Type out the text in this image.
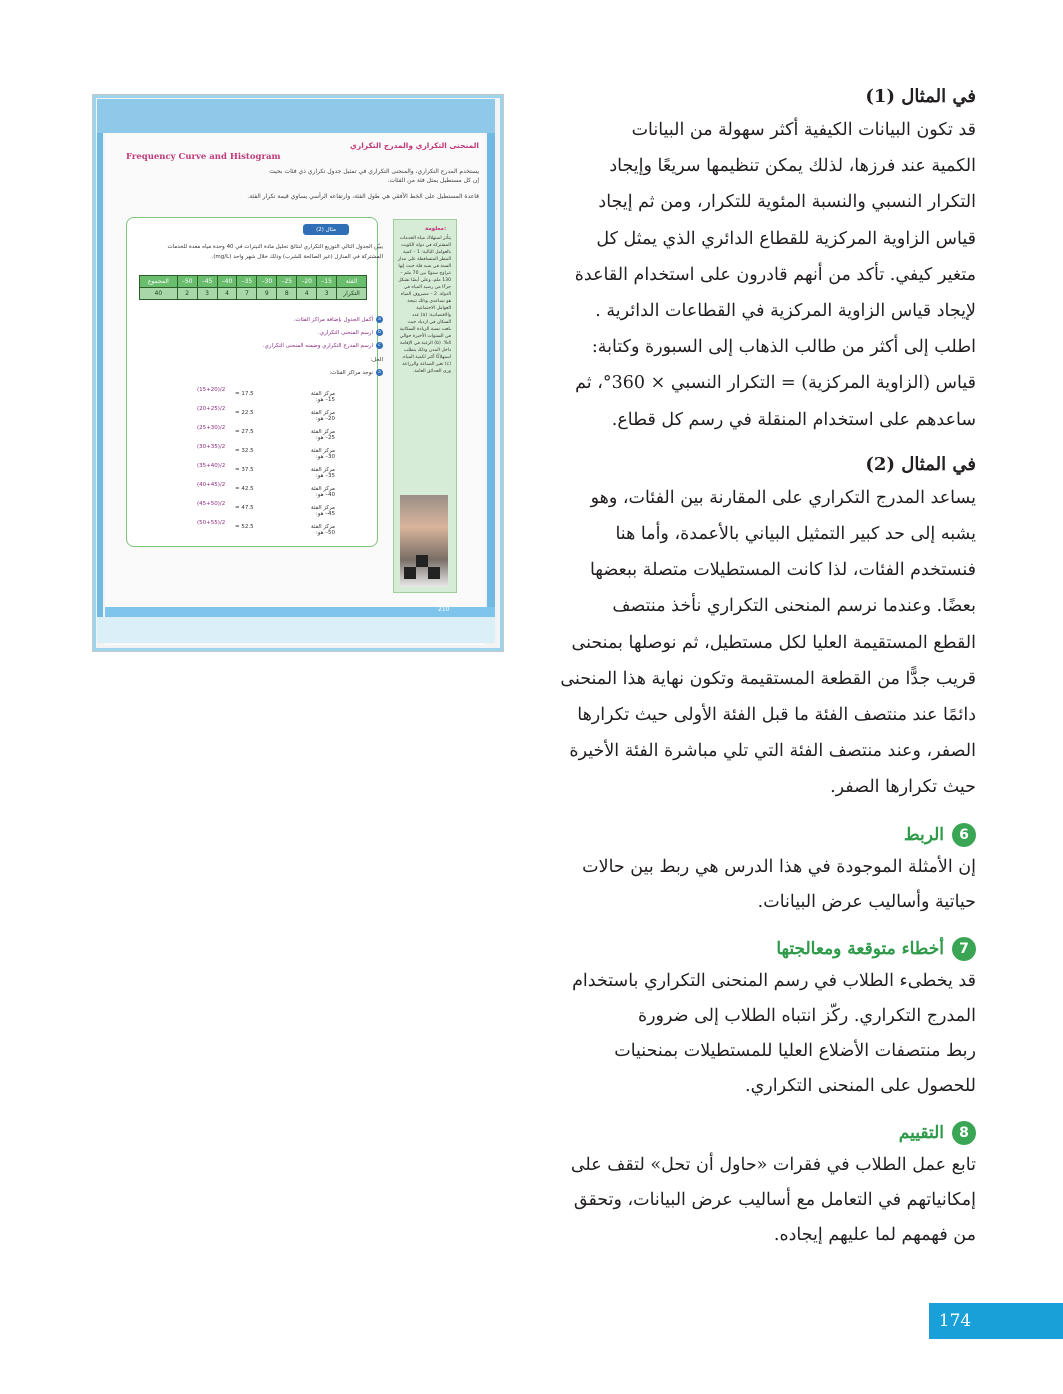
المنحنى التكراري والمدرج التكراري
Frequency Curve and Histogram
يستخدم المدرج التكراري، والمنحنى التكراري في تمثيل جدول تكراري ذي فئات بحيث
إن كل مستطيل يمثل فئة من الفئات.
قاعدة المستطيل على الخط الأفقي هي طول الفئة، وارتفاعه الرأسي يساوي قيمة تكرار الفئة.
مثال (2)
يبيّن الجدول التالي التوزيع التكراري لنتائج تحليل مادة النيترات في 40 وحدة مياه معدة للخدمات
المشتركة في المنازل (غير الصالحة للشرب) وذلك خلال شهر واحد (mg/L).
الفئة	15–	20–	25–	30–	35–	40–	45–	50–	المجموع
التكرار	3	4	8	9	7	4	3	2	40
a
أكمل الجدول بإضافة مراكز الفئات.
b
ارسم المنحنى التكراري.
c
ارسم المدرج التكراري وضمنه المنحنى التكراري.
الحل:
a
نوجد مراكز الفئات:
معلومة:
يتأثر استهلاك مياه الخدمات المشتركة في دولة الكويت بالعوامل التالية: 1 – كمية المطر المتساقطة على مدار السنة في شبه قلة حيث إنها تتراوح سنويًا بين 70 ملم – 130 ملم، وعلى أيضًا تشكل جزءًا من رصيد المياه في الدولة. 2 – مصروف المياه هو تصاعدي وذلك نتيجة العوامل الاجتماعية والاقتصادية: (a) عدد السكان في ازدياد حيث بلغت نسبة الزيادة السكانية في السنوات الأخيرة حوالي 4%. (b) الرغبة في الإقامة داخل المدن وذلك يتطلب استهلاكًا أكبر لكمية المياه. (c) تغير الصناعة والزراعة وري الحدائق العامة.
210
(15+20)/2
= 17.5	مركز الفئة 15– هو:
(20+25)/2
= 22.5	مركز الفئة 20– هو:
(25+30)/2
= 27.5	مركز الفئة 25– هو:
(30+35)/2
= 32.5	مركز الفئة 30– هو:
(35+40)/2
= 37.5	مركز الفئة 35– هو:
(40+45)/2
= 42.5	مركز الفئة 40– هو:
(45+50)/2
= 47.5	مركز الفئة 45– هو:
(50+55)/2
= 52.5	مركز الفئة 50– هو:
في المثال (1)
قد تكون البيانات الكيفية أكثر سهولة من البيانات
الكمية عند فرزها، لذلك يمكن تنظيمها سريعًا وإيجاد
التكرار النسبي والنسبة المئوية للتكرار، ومن ثم إيجاد
قياس الزاوية المركزية للقطاع الدائري الذي يمثل كل
متغير كيفي. تأكد من أنهم قادرون على استخدام القاعدة
لإيجاد قياس الزاوية المركزية في القطاعات الدائرية .
اطلب إلى أكثر من طالب الذهاب إلى السبورة وكتابة:
قياس (الزاوية المركزية) = التكرار النسبي × 360°، ثم
ساعدهم على استخدام المنقلة في رسم كل قطاع.
في المثال (2)
يساعد المدرج التكراري على المقارنة بين الفئات، وهو
يشبه إلى حد كبير التمثيل البياني بالأعمدة، وأما هنا
فنستخدم الفئات، لذا كانت المستطيلات متصلة ببعضها
بعضًا. وعندما نرسم المنحنى التكراري نأخذ منتصف
القطع المستقيمة العليا لكل مستطيل، ثم نوصلها بمنحنى
قريب جدًّا من القطعة المستقيمة وتكون نهاية هذا المنحنى
دائمًا عند منتصف الفئة ما قبل الفئة الأولى حيث تكرارها
الصفر، وعند منتصف الفئة التي تلي مباشرة الفئة الأخيرة
حيث تكرارها الصفر.
6
الربط
إن الأمثلة الموجودة في هذا الدرس هي ربط بين حالات
حياتية وأساليب عرض البيانات.
7
أخطاء متوقعة ومعالجتها
قد يخطىء الطلاب في رسم المنحنى التكراري باستخدام
المدرج التكراري. ركّز انتباه الطلاب إلى ضرورة
ربط منتصفات الأضلاع العليا للمستطيلات بمنحنيات
للحصول على المنحنى التكراري.
8
التقييم
تابع عمل الطلاب في فقرات «حاول أن تحل» لتقف على
إمكانياتهم في التعامل مع أساليب عرض البيانات، وتحقق
من فهمهم لما عليهم إيجاده.
174
